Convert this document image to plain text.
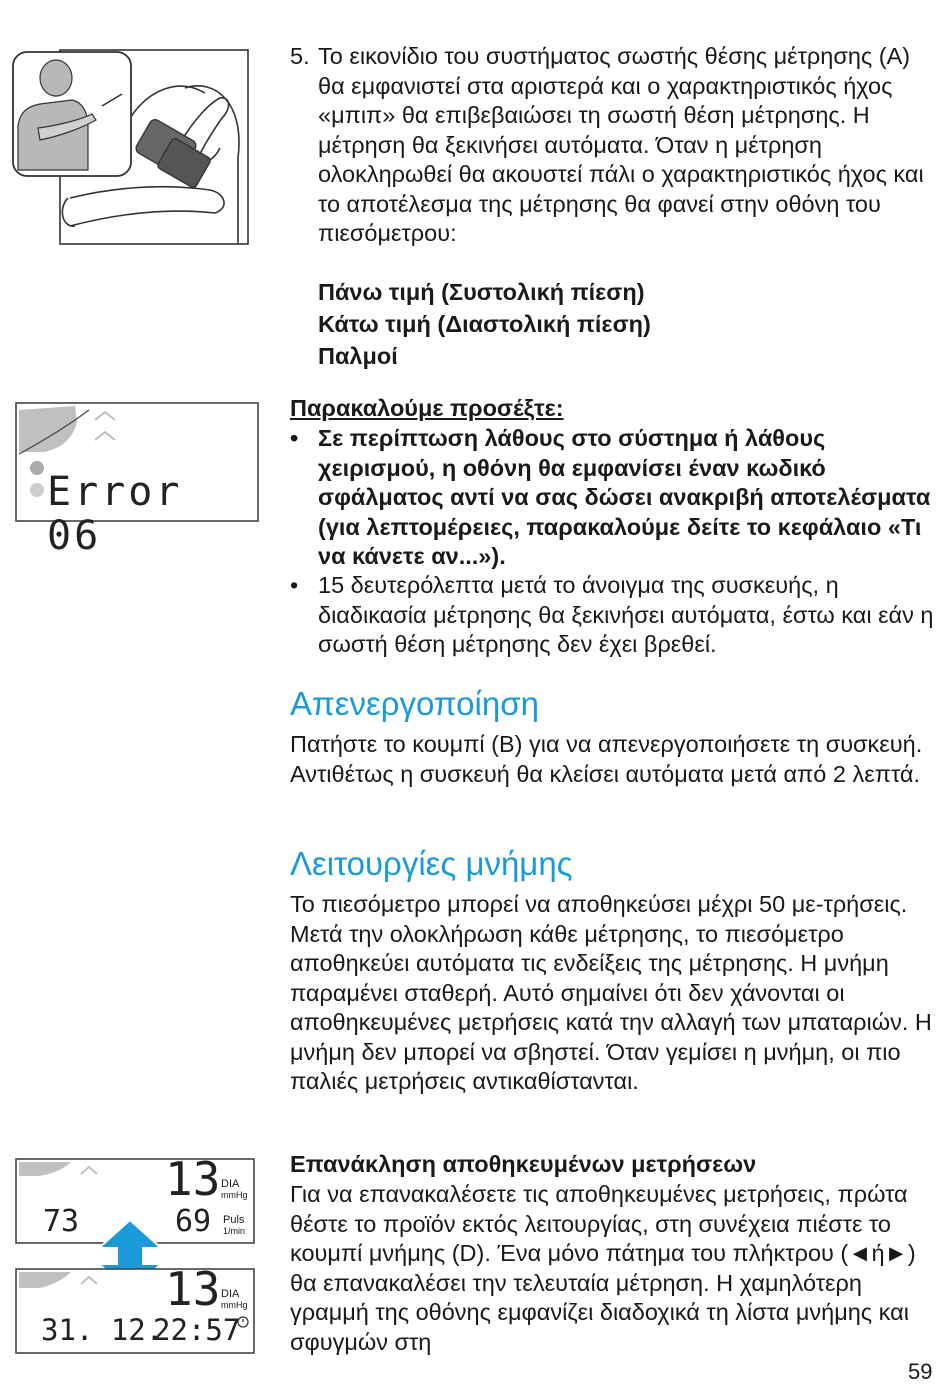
Error 06
13 DIA
mmHg
73	69 Puls
1/min
13 DIA
mmHg
31. 12.
22:57
5. Το εικονίδιο του συστήματος σωστής θέσης μέτρησης (A) θα εμφανιστεί στα αριστερά και ο χαρακτηριστικός ήχος «μπιπ» θα επιβεβαιώσει τη σωστή θέση μέτρησης. Η μέτρηση θα ξεκινήσει αυτόματα. Όταν η μέτρηση ολοκληρωθεί θα ακουστεί πάλι ο χαρακτηριστικός ήχος και το αποτέλεσμα της μέτρησης θα φανεί στην οθόνη του πιεσόμετρου:

Πάνω τιμή (Συστολική πίεση)
Κάτω τιμή (Διαστολική πίεση)
Παλμοί
Παρακαλούμε προσέξτε:
• Σε περίπτωση λάθους στο σύστημα ή λάθους χειρισμού, η οθόνη θα εμφανίσει έναν κωδικό σφάλματος αντί να σας δώσει ανακριβή αποτελέσματα (για λεπτομέρειες, παρακαλούμε δείτε το κεφάλαιο «Τι να κάνετε αν...»).
• 15 δευτερόλεπτα μετά το άνοιγμα της συσκευής, η διαδικασία μέτρησης θα ξεκινήσει αυτόματα, έστω και εάν η σωστή θέση μέτρησης δεν έχει βρεθεί.
Απενεργοποίηση

Πατήστε το κουμπί (B) για να απενεργοποιήσετε τη συσκευή. Αντιθέτως η συσκευή θα κλείσει αυτόματα μετά από 2 λεπτά.

Λειτουργίες μνήμης

Το πιεσόμετρο μπορεί να αποθηκεύσει μέχρι 50 με-τρήσεις. Μετά την ολοκλήρωση κάθε μέτρησης, το πιεσόμετρο αποθηκεύει αυτόματα τις ενδείξεις της μέτρησης. Η μνήμη παραμένει σταθερή. Αυτό σημαίνει ότι δεν χάνονται οι αποθηκευμένες μετρήσεις κατά την αλλαγή των μπαταριών. Η μνήμη δεν μπορεί να σβηστεί. Όταν γεμίσει η μνήμη, οι πιο παλιές μετρήσεις αντικαθίστανται.

Επανάκληση αποθηκευμένων μετρήσεων

Για να επανακαλέσετε τις αποθηκευμένες μετρήσεις, πρώτα θέστε το προϊόν εκτός λειτουργίας, στη συνέχεια πιέστε το κουμπί μνήμης (D). Ένα μόνο πάτημα του πλήκτρου (◄ή►) θα επανακαλέσει την τελευταία μέτρηση. Η χαμηλότερη γραμμή της οθόνης εμφανίζει διαδοχικά τη λίστα μνήμης και σφυγμών στη

59
